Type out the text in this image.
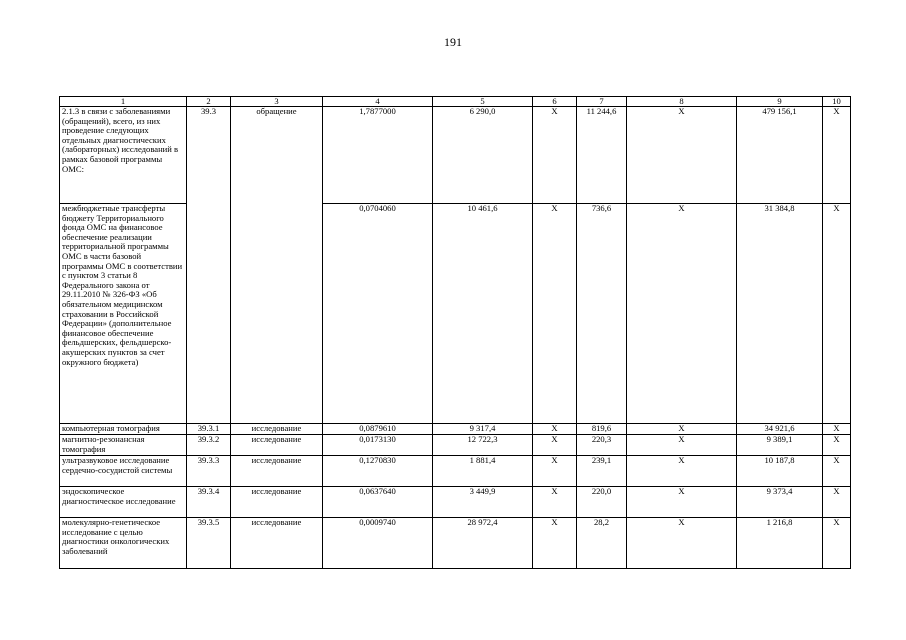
191
1	2	3	4	5	6	7	8	9	10
2.1.3 в связи с заболеваниями (обращений), всего, из них проведение следующих отдельных диагностических (лабораторных) исследований в рамках базовой программы ОМС:	39.3	обращение	1,7877000	6 290,0	X	11 244,6	X	479 156,1	X
межбюджетные трансферты бюджету Территориального фонда ОМС на финансовое обеспечение реализации территориальной программы ОМС в части базовой программы ОМС в соответствии с пунктом 3 статьи 8 Федерального закона от 29.11.2010 № 326-ФЗ «Об обязательном медицинском страховании в Российской Федерации» (дополнительное финансовое обеспечение фельдшерских, фельдшерско-акушерских пунктов за счет окружного бюджета)			0,0704060	10 461,6	X	736,6	X	31 384,8	X
компьютерная томография	39.3.1	исследование	0,0879610	9 317,4	X	819,6	X	34 921,6	X
магнитно-резонансная томография	39.3.2	исследование	0,0173130	12 722,3	X	220,3	X	9 389,1	X
ультразвуковое исследование сердечно-сосудистой системы	39.3.3	исследование	0,1270830	1 881,4	X	239,1	X	10 187,8	X
эндоскопическое диагностическое исследование	39.3.4	исследование	0,0637640	3 449,9	X	220,0	X	9 373,4	X
молекулярно-генетическое исследование с целью диагностики онкологических заболеваний	39.3.5	исследование	0,0009740	28 972,4	X	28,2	X	1 216,8	X
